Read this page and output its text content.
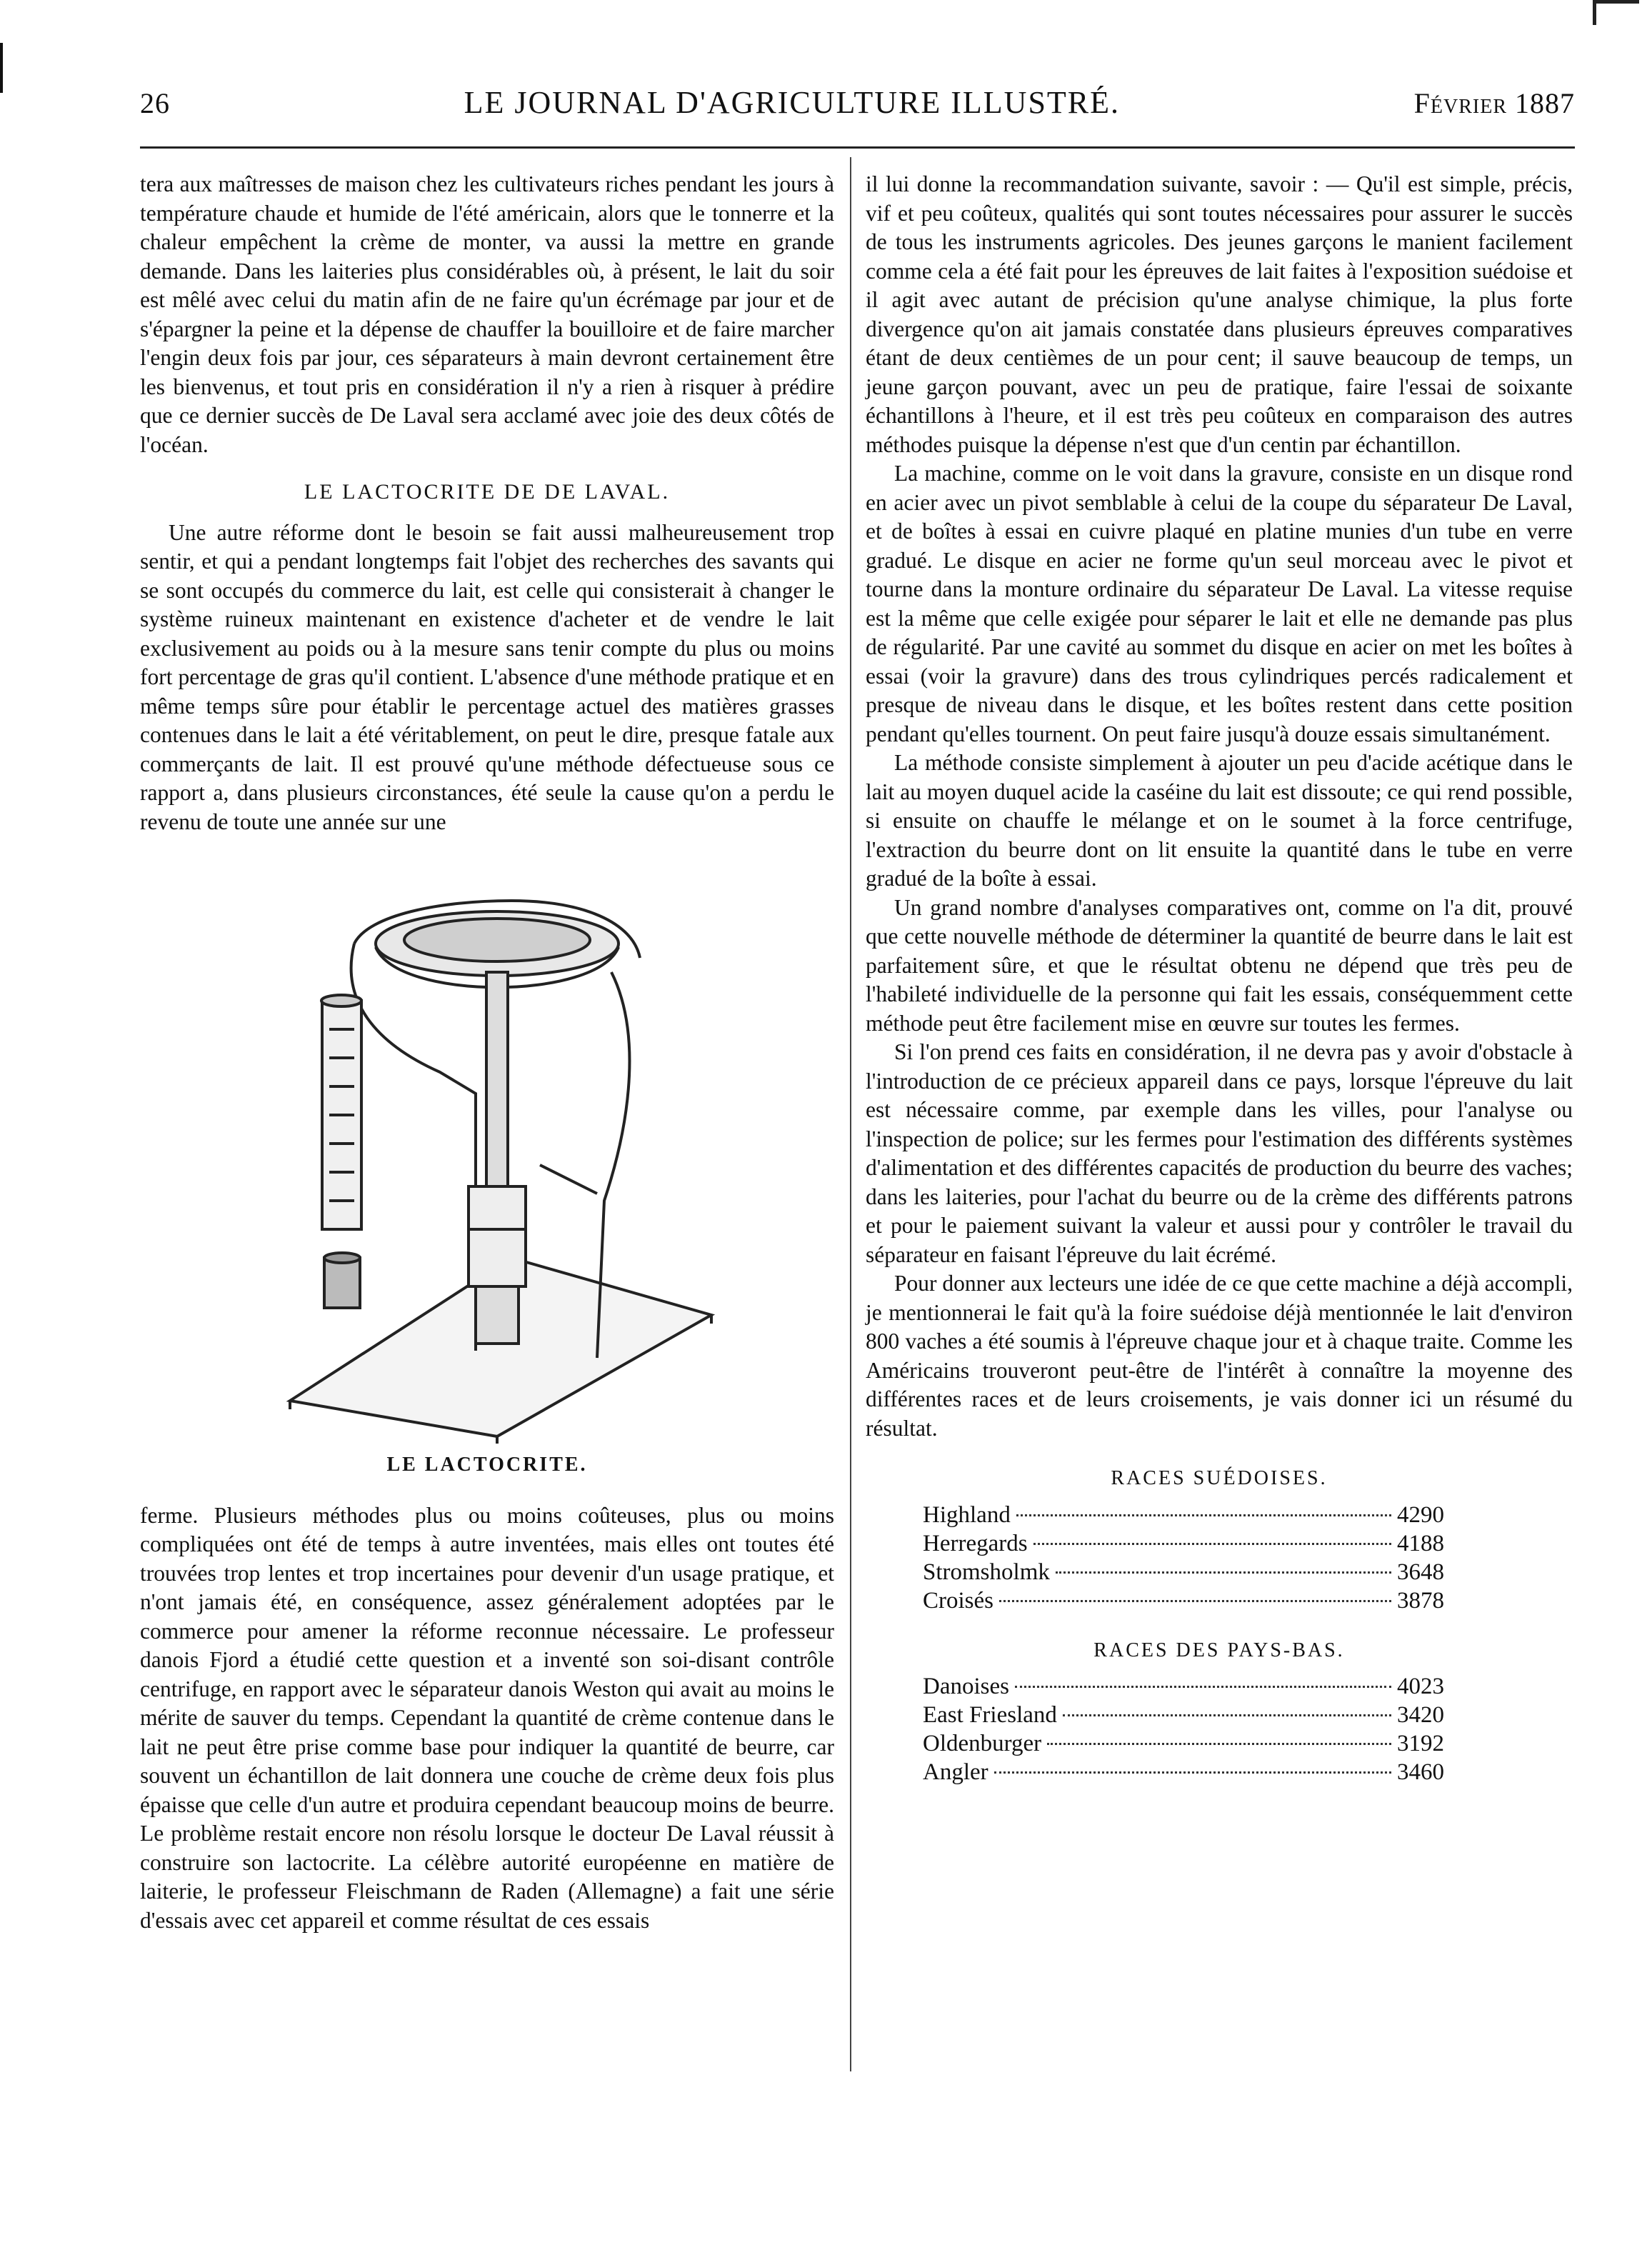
26	LE JOURNAL D'AGRICULTURE ILLUSTRÉ.	Février 1887

tera aux maîtresses de maison chez les cultivateurs riches pendant les jours à température chaude et humide de l'été américain, alors que le tonnerre et la chaleur empêchent la crème de monter, va aussi la mettre en grande demande. Dans les laiteries plus considérables où, à présent, le lait du soir est mêlé avec celui du matin afin de ne faire qu'un écrémage par jour et de s'épargner la peine et la dépense de chauffer la bouilloire et de faire marcher l'engin deux fois par jour, ces séparateurs à main devront certainement être les bienvenus, et tout pris en considération il n'y a rien à risquer à prédire que ce dernier succès de De Laval sera acclamé avec joie des deux côtés de l'océan.

LE LACTOCRITE DE DE LAVAL.

Une autre réforme dont le besoin se fait aussi malheureusement trop sentir, et qui a pendant longtemps fait l'objet des recherches des savants qui se sont occupés du commerce du lait, est celle qui consisterait à changer le système ruineux maintenant en existence d'acheter et de vendre le lait exclusivement au poids ou à la mesure sans tenir compte du plus ou moins fort percentage de gras qu'il contient. L'absence d'une méthode pratique et en même temps sûre pour établir le percentage actuel des matières grasses contenues dans le lait a été véritablement, on peut le dire, presque fatale aux commerçants de lait. Il est prouvé qu'une méthode défectueuse sous ce rapport a, dans plusieurs circonstances, été seule la cause qu'on a perdu le revenu de toute une année sur une

LE LACTOCRITE.

ferme. Plusieurs méthodes plus ou moins coûteuses, plus ou moins compliquées ont été de temps à autre inventées, mais elles ont toutes été trouvées trop lentes et trop incertaines pour devenir d'un usage pratique, et n'ont jamais été, en conséquence, assez généralement adoptées par le commerce pour amener la réforme reconnue nécessaire. Le professeur danois Fjord a étudié cette question et a inventé son soi-disant contrôle centrifuge, en rapport avec le séparateur danois Weston qui avait au moins le mérite de sauver du temps. Cependant la quantité de crème contenue dans le lait ne peut être prise comme base pour indiquer la quantité de beurre, car souvent un échantillon de lait donnera une couche de crème deux fois plus épaisse que celle d'un autre et produira cependant beaucoup moins de beurre. Le problème restait encore non résolu lorsque le docteur De Laval réussit à construire son lactocrite. La célèbre autorité européenne en matière de laiterie, le professeur Fleischmann de Raden (Allemagne) a fait une série d'essais avec cet appareil et comme résultat de ces essais

il lui donne la recommandation suivante, savoir : — Qu'il est simple, précis, vif et peu coûteux, qualités qui sont toutes nécessaires pour assurer le succès de tous les instruments agricoles. Des jeunes garçons le manient facilement comme cela a été fait pour les épreuves de lait faites à l'exposition suédoise et il agit avec autant de précision qu'une analyse chimique, la plus forte divergence qu'on ait jamais constatée dans plusieurs épreuves comparatives étant de deux centièmes de un pour cent; il sauve beaucoup de temps, un jeune garçon pouvant, avec un peu de pratique, faire l'essai de soixante échantillons à l'heure, et il est très peu coûteux en comparaison des autres méthodes puisque la dépense n'est que d'un centin par échantillon.

La machine, comme on le voit dans la gravure, consiste en un disque rond en acier avec un pivot semblable à celui de la coupe du séparateur De Laval, et de boîtes à essai en cuivre plaqué en platine munies d'un tube en verre gradué. Le disque en acier ne forme qu'un seul morceau avec le pivot et tourne dans la monture ordinaire du séparateur De Laval. La vitesse requise est la même que celle exigée pour séparer le lait et elle ne demande pas plus de régularité. Par une cavité au sommet du disque en acier on met les boîtes à essai (voir la gravure) dans des trous cylindriques percés radicalement et presque de niveau dans le disque, et les boîtes restent dans cette position pendant qu'elles tournent. On peut faire jusqu'à douze essais simultanément.

La méthode consiste simplement à ajouter un peu d'acide acétique dans le lait au moyen duquel acide la caséine du lait est dissoute; ce qui rend possible, si ensuite on chauffe le mélange et on le soumet à la force centrifuge, l'extraction du beurre dont on lit ensuite la quantité dans le tube en verre gradué de la boîte à essai.

Un grand nombre d'analyses comparatives ont, comme on l'a dit, prouvé que cette nouvelle méthode de déterminer la quantité de beurre dans le lait est parfaitement sûre, et que le résultat obtenu ne dépend que très peu de l'habileté individuelle de la personne qui fait les essais, conséquemment cette méthode peut être facilement mise en œuvre sur toutes les fermes.

Si l'on prend ces faits en considération, il ne devra pas y avoir d'obstacle à l'introduction de ce précieux appareil dans ce pays, lorsque l'épreuve du lait est nécessaire comme, par exemple dans les villes, pour l'analyse ou l'inspection de police; sur les fermes pour l'estimation des différents systèmes d'alimentation et des différentes capacités de production du beurre des vaches; dans les laiteries, pour l'achat du beurre ou de la crème des différents patrons et pour le paiement suivant la valeur et aussi pour y contrôler le travail du séparateur en faisant l'épreuve du lait écrémé.

Pour donner aux lecteurs une idée de ce que cette machine a déjà accompli, je mentionnerai le fait qu'à la foire suédoise déjà mentionnée le lait d'environ 800 vaches a été soumis à l'épreuve chaque jour et à chaque traite. Comme les Américains trouveront peut-être de l'intérêt à connaître la moyenne des différentes races et de leurs croisements, je vais donner ici un résumé du résultat.

RACES SUÉDOISES.
Highland	4290
Herregards	4188
Stromsholmk	3648
Croisés	3878
RACES DES PAYS-BAS.
Danoises	4023
East Friesland	3420
Oldenburger	3192
Angler	3460
